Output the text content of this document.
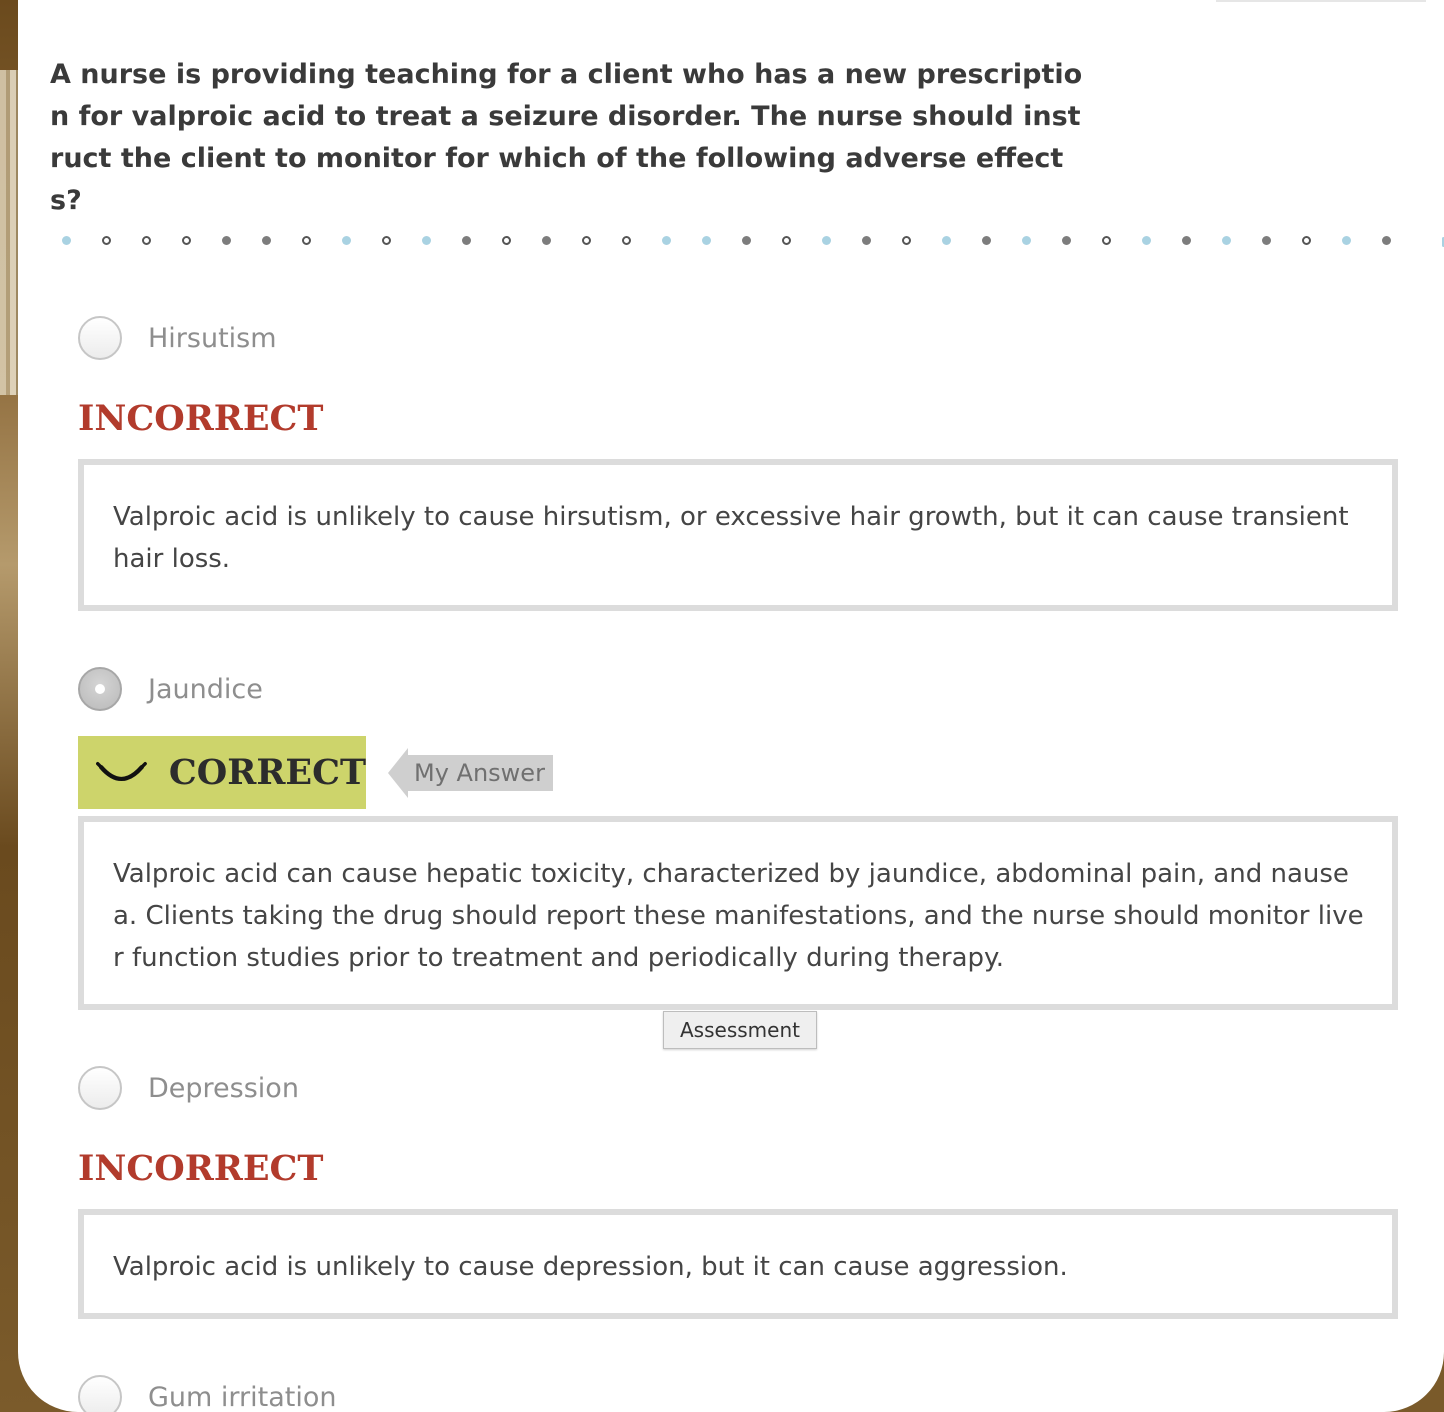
A nurse is providing teaching for a client who has a new prescription for valproic acid to treat a seizure disorder. The nurse should instruct the client to monitor for which of the following adverse effects?

Hirsutism
INCORRECT
Valproic acid is unlikely to cause hirsutism, or excessive hair growth, but it can cause transient hair loss.
Jaundice
CORRECT My Answer
Valproic acid can cause hepatic toxicity, characterized by jaundice, abdominal pain, and nausea. Clients taking the drug should report these manifestations, and the nurse should monitor liver function studies prior to treatment and periodically during therapy.
Assessment
Depression
INCORRECT
Valproic acid is unlikely to cause depression, but it can cause aggression.
Gum irritation
